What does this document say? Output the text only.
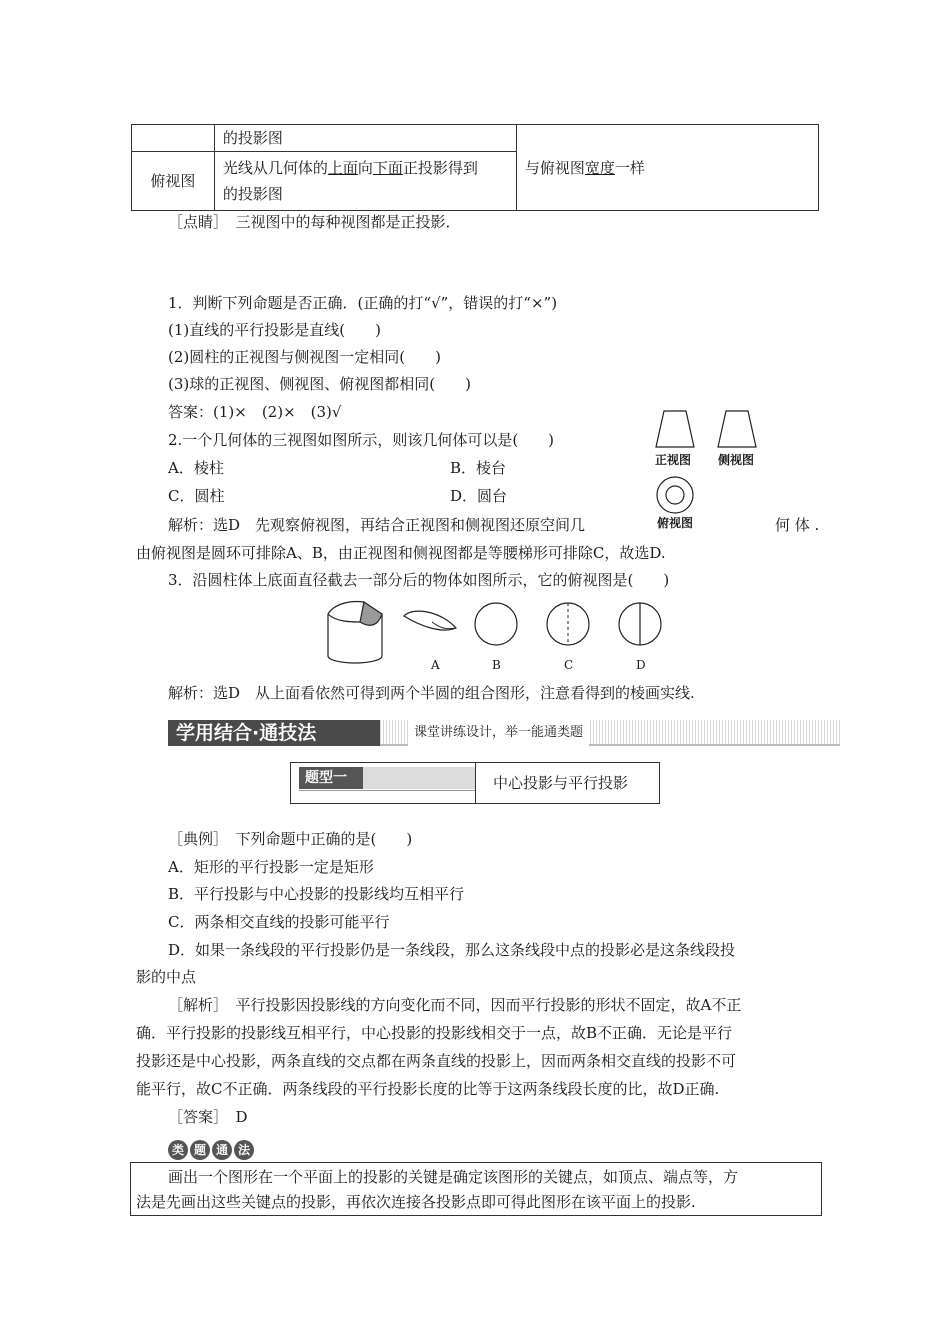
	的投影图	与俯视图宽度一样
俯视图	光线从几何体的上面向下面正投影得到
的投影图	
［点睛］　三视图中的每种视图都是正投影．
1．判断下列命题是否正确．(正确的打“√”，错误的打“×”)
(1)直线的平行投影是直线(　　)
(2)圆柱的正视图与侧视图一定相同(　　)
(3)球的正视图、侧视图、俯视图都相同(　　)
答案：(1)×　(2)×　(3)√
2.一个几何体的三视图如图所示，则该几何体可以是(　　)
A．棱柱	B．棱台
C．圆柱	D．圆台
正视图 侧视图
俯视图
解析：选D　先观察俯视图，再结合正视图和侧视图还原空间几	何 体 .
由俯视图是圆环可排除A、B，由正视图和侧视图都是等腰梯形可排除C，故选D.
3．沿圆柱体上底面直径截去一部分后的物体如图所示，它的俯视图是(　　)
A	B	C	D
解析：选D　从上面看依然可得到两个半圆的组合图形，注意看得到的棱画实线.
学用结合·通技法	课堂讲练设计，举一能通类题
题型一	中心投影与平行投影
［典例］　下列命题中正确的是(　　)
A．矩形的平行投影一定是矩形
B．平行投影与中心投影的投影线均互相平行
C．两条相交直线的投影可能平行
D．如果一条线段的平行投影仍是一条线段，那么这条线段中点的投影必是这条线段投
影的中点
［解析］　平行投影因投影线的方向变化而不同，因而平行投影的形状不固定，故A不正
确．平行投影的投影线互相平行，中心投影的投影线相交于一点，故B不正确．无论是平行
投影还是中心投影，两条直线的交点都在两条直线的投影上，因而两条相交直线的投影不可
能平行，故C不正确．两条线段的平行投影长度的比等于这两条线段长度的比，故D正确.
［答案］　D
类 题 通 法
画出一个图形在一个平面上的投影的关键是确定该图形的关键点，如顶点、端点等，方
法是先画出这些关键点的投影，再依次连接各投影点即可得此图形在该平面上的投影.
